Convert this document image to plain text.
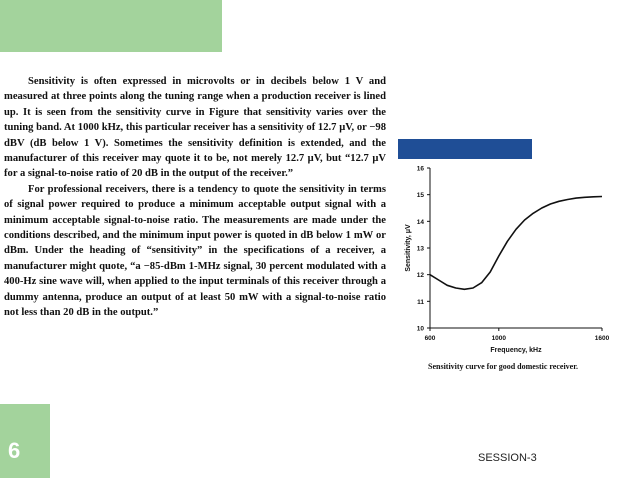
6	SESSION-3

Sensitivity is often expressed in microvolts or in decibels below 1 V and measured at three points along the tuning range when a production receiver is lined up. It is seen from the sensitivity curve in Figure that sensitivity varies over the tuning band. At 1000 kHz, this particular receiver has a sensitivity of 12.7 μV, or −98 dBV (dB below 1 V). Sometimes the sensitivity definition is extended, and the manufacturer of this receiver may quote it to be, not merely 12.7 μV, but “12.7 μV for a signal-to-noise ratio of 20 dB in the output of the receiver.”

For professional receivers, there is a tendency to quote the sensitivity in terms of signal power required to produce a minimum acceptable output signal with a minimum acceptable signal-to-noise ratio. The measurements are made under the conditions described, and the minimum input power is quoted in dB below 1 mW or dBm. Under the heading of “sensitivity” in the specifications of a receiver, a manufacturer might quote, “a −85-dBm 1-MHz signal, 30 percent modulated with a 400-Hz sine wave will, when applied to the input terminals of this receiver through a dummy antenna, produce an output of at least 50 mW with a signal-to-noise ratio not less than 20 dB in the output.”

10
11
12
13
14
15
16
600	1000	1600
Frequency, kHz
Sensitivity, μV
Sensitivity curve for good domestic receiver.
